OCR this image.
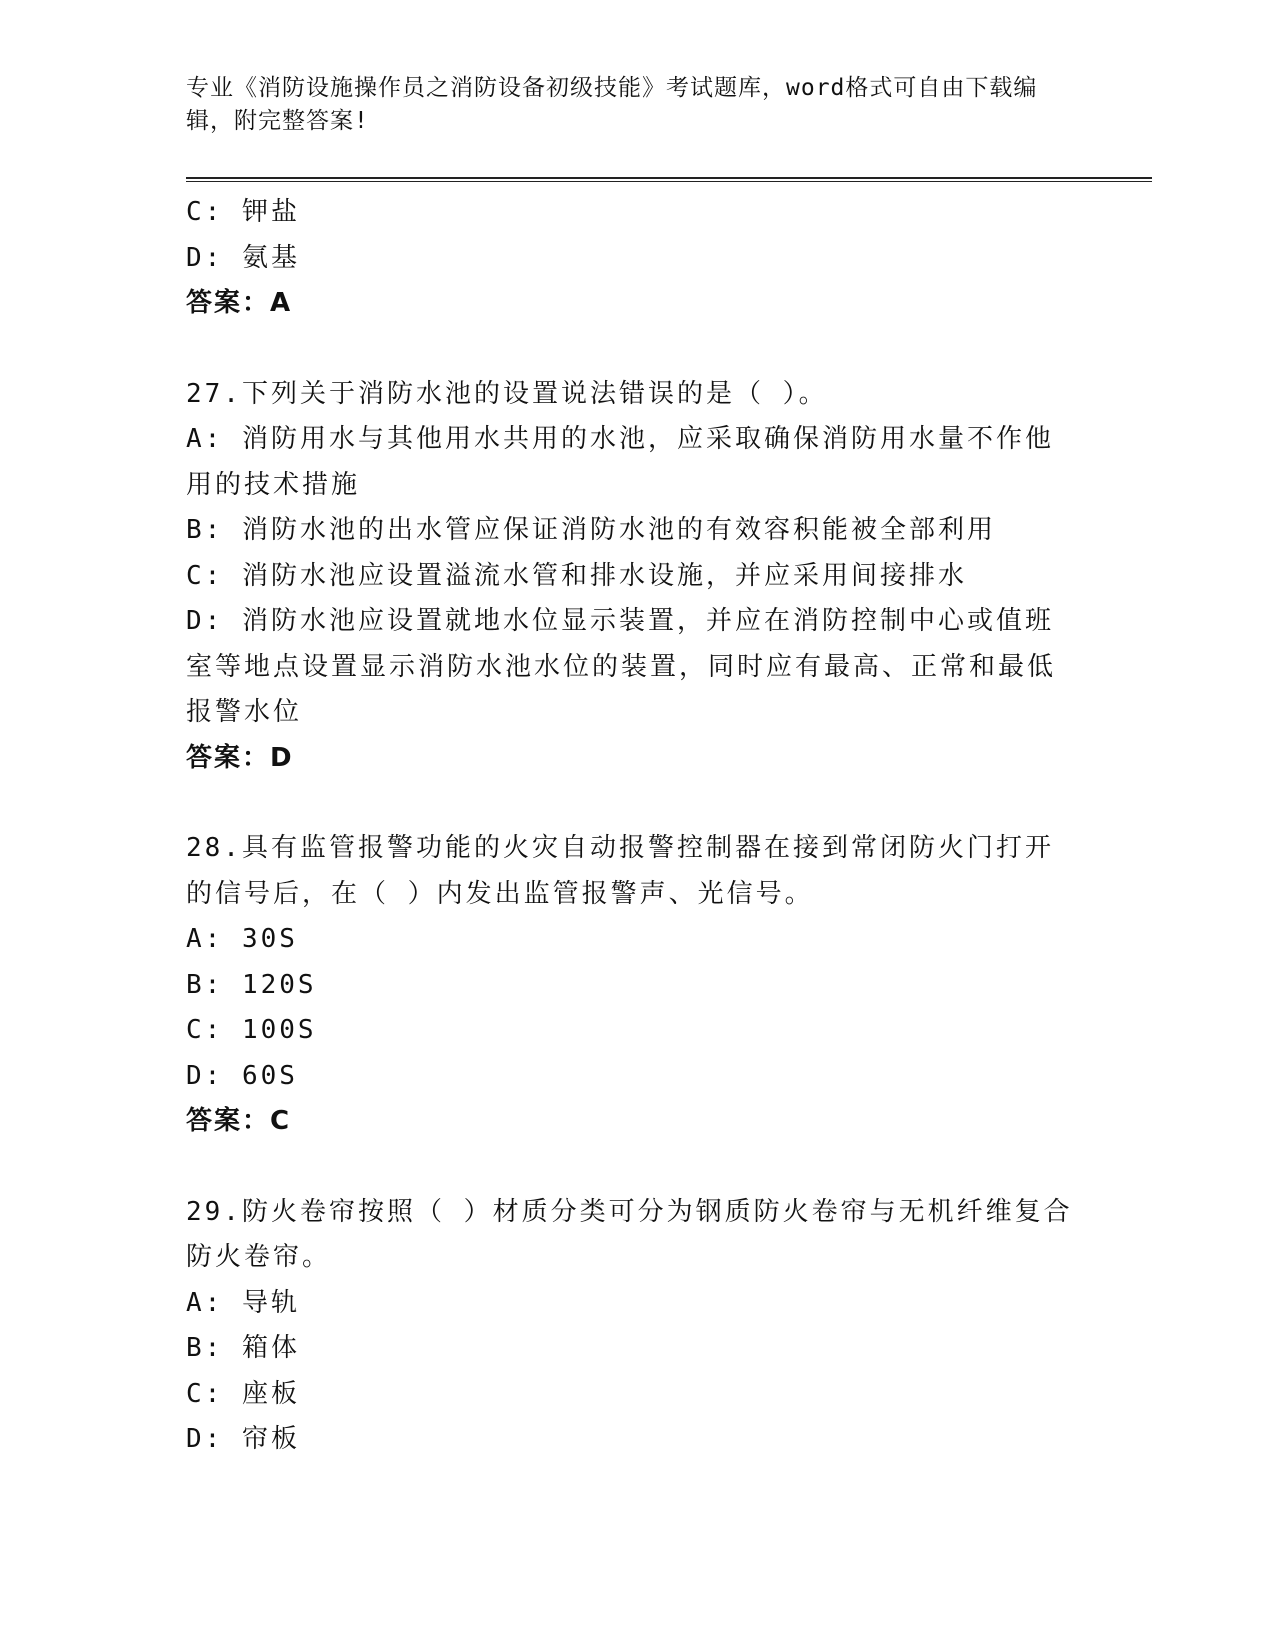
专业《消防设施操作员之消防设备初级技能》考试题库，word格式可自由下载编辑，附完整答案!
C: 钾盐
D: 氨基
答案：A
27.下列关于消防水池的设置说法错误的是（ ）。
A: 消防用水与其他用水共用的水池，应采取确保消防用水量不作他用的技术措施
B: 消防水池的出水管应保证消防水池的有效容积能被全部利用
C: 消防水池应设置溢流水管和排水设施，并应采用间接排水
D: 消防水池应设置就地水位显示装置，并应在消防控制中心或值班室等地点设置显示消防水池水位的装置，同时应有最高、正常和最低报警水位
答案：D
28.具有监管报警功能的火灾自动报警控制器在接到常闭防火门打开的信号后，在（ ）内发出监管报警声、光信号。
A: 30S
B: 120S
C: 100S
D: 60S
答案：C
29.防火卷帘按照（ ）材质分类可分为钢质防火卷帘与无机纤维复合防火卷帘。
A: 导轨
B: 箱体
C: 座板
D: 帘板
